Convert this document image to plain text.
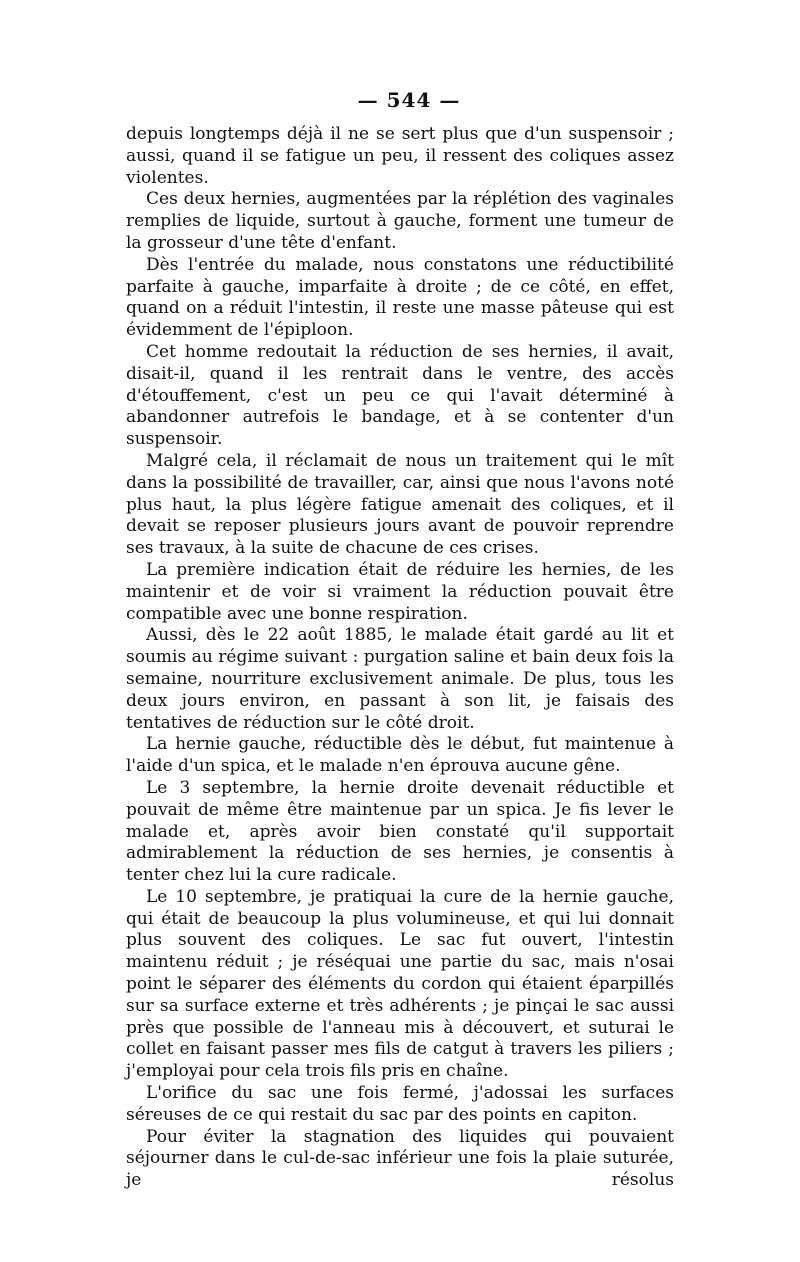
— 544 —

depuis longtemps déjà il ne se sert plus que d'un suspensoir ; aussi, quand il se fatigue un peu, il ressent des coliques assez violentes.

Ces deux hernies, augmentées par la réplétion des vaginales remplies de liquide, surtout à gauche, forment une tumeur de la grosseur d'une tête d'enfant.

Dès l'entrée du malade, nous constatons une réductibilité parfaite à gauche, imparfaite à droite ; de ce côté, en effet, quand on a réduit l'intestin, il reste une masse pâteuse qui est évidemment de l'épiploon.

Cet homme redoutait la réduction de ses hernies, il avait, disait-il, quand il les rentrait dans le ventre, des accès d'étouffement, c'est un peu ce qui l'avait déterminé à abandonner autrefois le bandage, et à se contenter d'un suspensoir.

Malgré cela, il réclamait de nous un traitement qui le mît dans la possibilité de travailler, car, ainsi que nous l'avons noté plus haut, la plus légère fatigue amenait des coliques, et il devait se reposer plusieurs jours avant de pouvoir reprendre ses travaux, à la suite de chacune de ces crises.

La première indication était de réduire les hernies, de les maintenir et de voir si vraiment la réduction pouvait être compatible avec une bonne respiration.

Aussi, dès le 22 août 1885, le malade était gardé au lit et soumis au régime suivant : purgation saline et bain deux fois la semaine, nourriture exclusivement animale. De plus, tous les deux jours environ, en passant à son lit, je faisais des tentatives de réduction sur le côté droit.

La hernie gauche, réductible dès le début, fut maintenue à l'aide d'un spica, et le malade n'en éprouva aucune gêne.

Le 3 septembre, la hernie droite devenait réductible et pouvait de même être maintenue par un spica. Je fis lever le malade et, après avoir bien constaté qu'il supportait admirablement la réduction de ses hernies, je consentis à tenter chez lui la cure radicale.

Le 10 septembre, je pratiquai la cure de la hernie gauche, qui était de beaucoup la plus volumineuse, et qui lui donnait plus souvent des coliques. Le sac fut ouvert, l'intestin maintenu réduit ; je réséquai une partie du sac, mais n'osai point le séparer des éléments du cordon qui étaient éparpillés sur sa surface externe et très adhérents ; je pinçai le sac aussi près que possible de l'anneau mis à découvert, et suturai le collet en faisant passer mes fils de catgut à travers les piliers ; j'employai pour cela trois fils pris en chaîne.

L'orifice du sac une fois fermé, j'adossai les surfaces séreuses de ce qui restait du sac par des points en capiton.

Pour éviter la stagnation des liquides qui pouvaient séjourner dans le cul-de-sac inférieur une fois la plaie suturée, je résolus
